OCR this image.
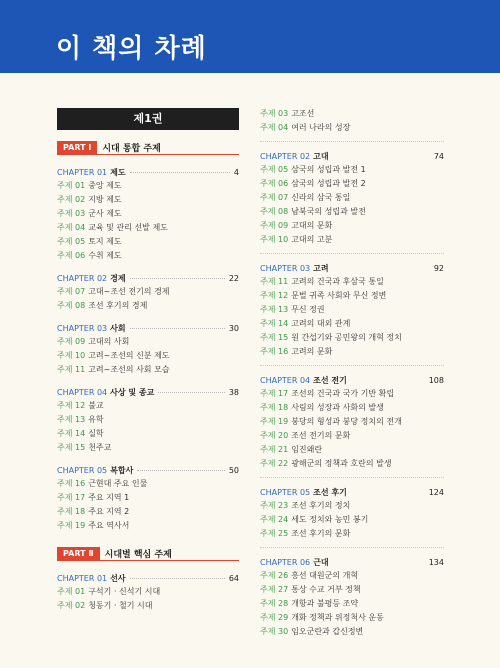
이 책의 차례
제1권
PART Ⅰ	시대 통합 주제
CHAPTER 01 제도	4
주제 01 중앙 제도
주제 02 지방 제도
주제 03 군사 제도
주제 04 교육 및 관리 선발 제도
주제 05 토지 제도
주제 06 수취 제도
CHAPTER 02 경제	22
주제 07 고대~조선 전기의 경제
주제 08 조선 후기의 경제
CHAPTER 03 사회	30
주제 09 고대의 사회
주제 10 고려~조선의 신분 제도
주제 11 고려~조선의 사회 모습
CHAPTER 04 사상 및 종교	38
주제 12 불교
주제 13 유학
주제 14 실학
주제 15 천주교
CHAPTER 05 복합사	50
주제 16 근현대 주요 인물
주제 17 주요 지역 1
주제 18 주요 지역 2
주제 19 주요 역사서
PART Ⅱ	시대별 핵심 주제
CHAPTER 01 선사	64
주제 01 구석기 · 신석기 시대
주제 02 청동기 · 철기 시대
주제 03 고조선
주제 04 여러 나라의 성장
CHAPTER 02 고대	74
주제 05 삼국의 성립과 발전 1
주제 06 삼국의 성립과 발전 2
주제 07 신라의 삼국 통일
주제 08 남북국의 성립과 발전
주제 09 고대의 문화
주제 10 고대의 고분
CHAPTER 03 고려	92
주제 11 고려의 건국과 후삼국 통일
주제 12 문벌 귀족 사회와 무신 정변
주제 13 무신 정권
주제 14 고려의 대외 관계
주제 15 원 간섭기와 공민왕의 개혁 정치
주제 16 고려의 문화
CHAPTER 04 조선 전기	108
주제 17 조선의 건국과 국가 기반 확립
주제 18 사림의 성장과 사화의 발생
주제 19 붕당의 형성과 붕당 정치의 전개
주제 20 조선 전기의 문화
주제 21 임진왜란
주제 22 광해군의 정책과 호란의 발생
CHAPTER 05 조선 후기	124
주제 23 조선 후기의 정치
주제 24 세도 정치와 농민 봉기
주제 25 조선 후기의 문화
CHAPTER 06 근대	134
주제 26 흥선 대원군의 개혁
주제 27 통상 수교 거부 정책
주제 28 개항과 불평등 조약
주제 29 개화 정책과 위정척사 운동
주제 30 임오군란과 갑신정변
